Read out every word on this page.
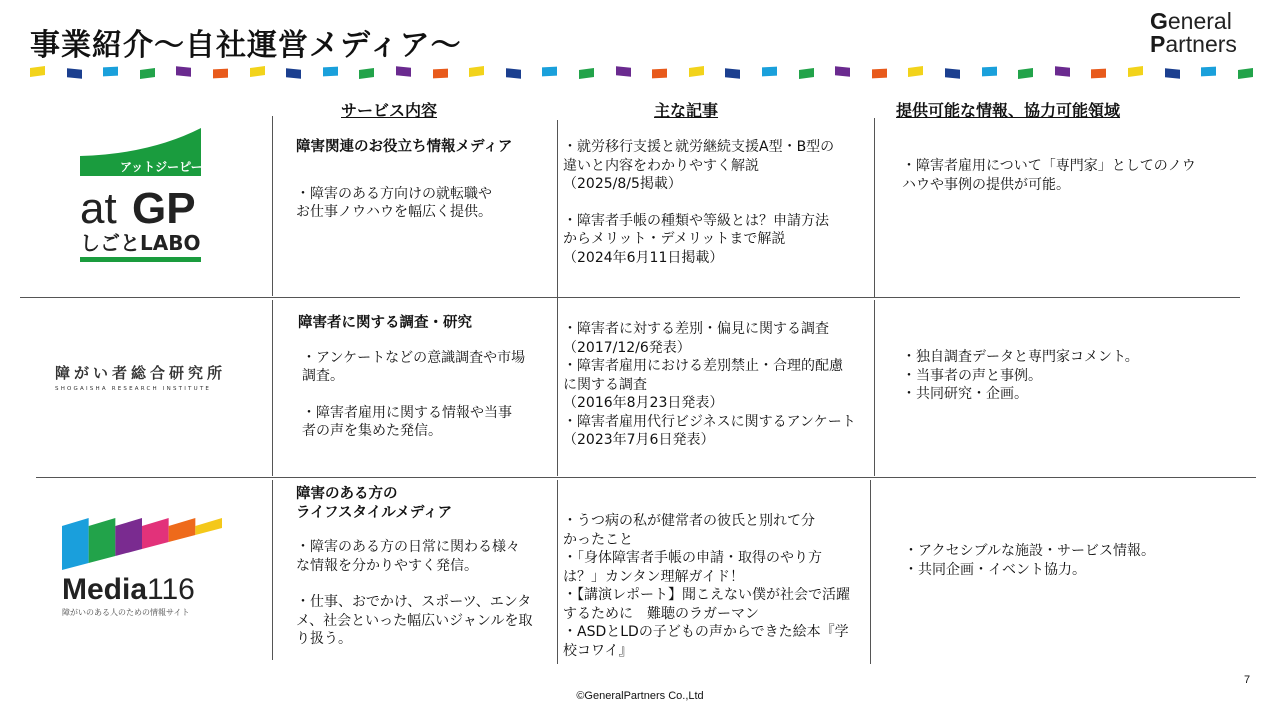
事業紹介～自社運営メディア～
General
Partners
サービス内容	主な記事	提供可能な情報、協力可能領域
アットジーピー
at GP
しごとLABO

障害関連のお役立ち情報メディア

・障害のある方向けの就転職や

お仕事ノウハウを幅広く提供。

・就労移行支援と就労継続支援A型・B型の

違いと内容をわかりやすく解説

（2025/8/5掲載）

・障害者手帳の種類や等級とは？申請方法

からメリット・デメリットまで解説

（2024年6月11日掲載）

・障害者雇用について「専門家」としてのノウ

ハウや事例の提供が可能。

障がい者総合研究所
SHOGAISHA RESEARCH INSTITUTE

障害者に関する調査・研究

・アンケートなどの意識調査や市場

調査。

・障害者雇用に関する情報や当事

者の声を集めた発信。

・障害者に対する差別・偏見に関する調査

（2017/12/6発表）

・障害者雇用における差別禁止・合理的配慮

に関する調査

（2016年8月23日発表）

・障害者雇用代行ビジネスに関するアンケート

（2023年7月6日発表）

・独自調査データと専門家コメント。

・当事者の声と事例。

・共同研究・企画。

Media116
障がいのある人のための情報サイト

障害のある方の

ライフスタイルメディア

・障害のある方の日常に関わる様々

な情報を分かりやすく発信。

・仕事、おでかけ、スポーツ、エンタ

メ、社会といった幅広いジャンルを取

り扱う。

・うつ病の私が健常者の彼氏と別れて分

かったこと

・「身体障害者手帳の申請・取得のやり方

は？」カンタン理解ガイド！

・【講演レポート】聞こえない僕が社会で活躍

するために　難聴のラガーマン

・ASDとLDの子どもの声からできた絵本『学

校コワイ』

・アクセシブルな施設・サービス情報。

・共同企画・イベント協力。

7
©GeneralPartners Co.,Ltd
